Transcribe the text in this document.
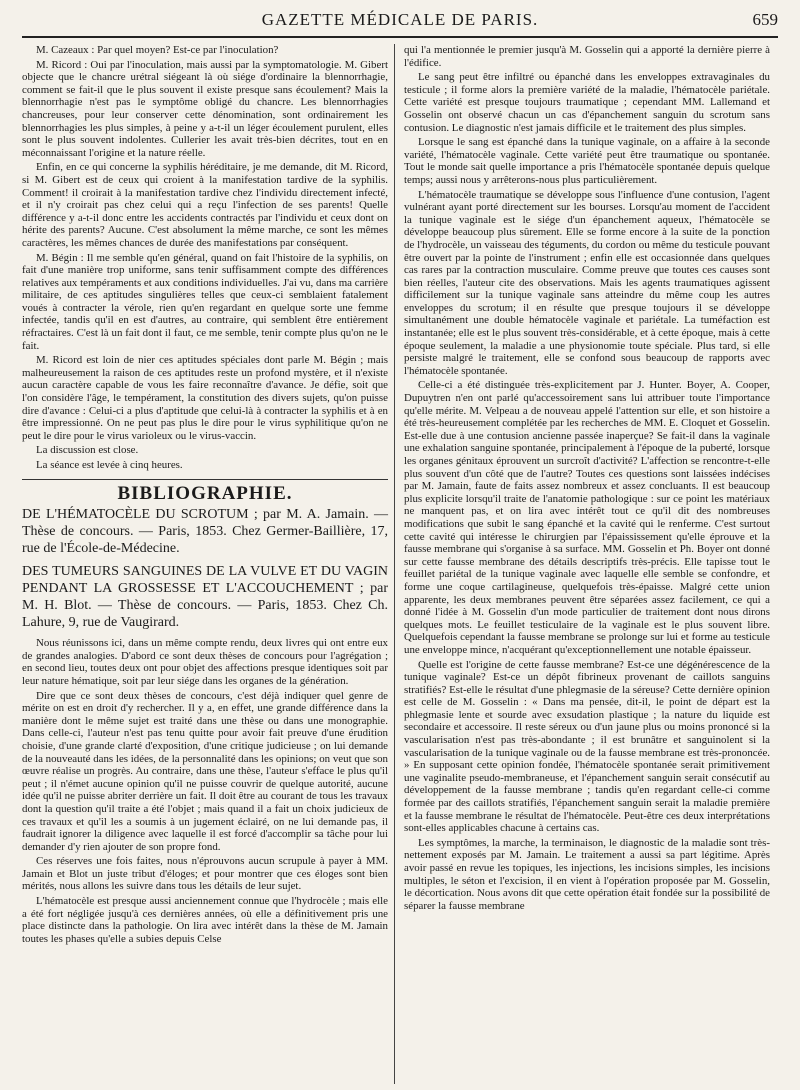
GAZETTE MÉDICALE DE PARIS.	659

M. Cazeaux : Par quel moyen? Est-ce par l'inoculation?

M. Ricord : Oui par l'inoculation, mais aussi par la symptomatologie. M. Gibert objecte que le chancre urétral siégeant là où siége d'ordinaire la blennorrhagie, comment se fait-il que le plus souvent il existe presque sans écoulement? Mais la blennorrhagie n'est pas le symptôme obligé du chancre. Les blennorrhagies chancreuses, pour leur conserver cette dénomination, sont ordinairement les blennorrhagies les plus simples, à peine y a-t-il un léger écoulement purulent, elles sont le plus souvent indolentes. Cullerier les avait très-bien décrites, tout en en méconnaissant l'origine et la nature réelle.

Enfin, en ce qui concerne la syphilis héréditaire, je me demande, dit M. Ricord, si M. Gibert est de ceux qui croient à la manifestation tardive de la syphilis. Comment! il croirait à la manifestation tardive chez l'individu directement infecté, et il n'y croirait pas chez celui qui a reçu l'infection de ses parents! Quelle différence y a-t-il donc entre les accidents contractés par l'individu et ceux dont on hérite des parents? Aucune. C'est absolument la même marche, ce sont les mêmes caractères, les mêmes chances de durée des manifestations par conséquent.

M. Bégin : Il me semble qu'en général, quand on fait l'histoire de la syphilis, on fait d'une manière trop uniforme, sans tenir suffisamment compte des différences relatives aux tempéraments et aux conditions individuelles. J'ai vu, dans ma carrière militaire, de ces aptitudes singulières telles que ceux-ci semblaient fatalement voués à contracter la vérole, rien qu'en regardant en quelque sorte une femme infectée, tandis qu'il en est d'autres, au contraire, qui semblent être entièrement réfractaires. C'est là un fait dont il faut, ce me semble, tenir compte plus qu'on ne le fait.

M. Ricord est loin de nier ces aptitudes spéciales dont parle M. Bégin ; mais malheureusement la raison de ces aptitudes reste un profond mystère, et il n'existe aucun caractère capable de vous les faire reconnaître d'avance. Je défie, soit que l'on considère l'âge, le tempérament, la constitution des divers sujets, qu'on puisse dire d'avance : Celui-ci a plus d'aptitude que celui-là à contracter la syphilis et à en être impressionné. On ne peut pas plus le dire pour le virus syphilitique qu'on ne peut le dire pour le virus varioleux ou le virus-vaccin.

La discussion est close.

La séance est levée à cinq heures.

BIBLIOGRAPHIE.

DE L'HÉMATOCÈLE DU SCROTUM ; par M. A. Jamain. — Thèse de concours. — Paris, 1853. Chez Germer-Baillière, 17, rue de l'École-de-Médecine.

DES TUMEURS SANGUINES DE LA VULVE ET DU VAGIN PENDANT LA GROSSESSE ET L'ACCOUCHEMENT ; par M. H. Blot. — Thèse de concours. — Paris, 1853. Chez Ch. Lahure, 9, rue de Vaugirard.

Nous réunissons ici, dans un même compte rendu, deux livres qui ont entre eux de grandes analogies. D'abord ce sont deux thèses de concours pour l'agrégation ; en second lieu, toutes deux ont pour objet des affections presque identiques soit par leur nature hématique, soit par leur siége dans les organes de la génération.

Dire que ce sont deux thèses de concours, c'est déjà indiquer quel genre de mérite on est en droit d'y rechercher. Il y a, en effet, une grande différence dans la manière dont le même sujet est traité dans une thèse ou dans une monographie. Dans celle-ci, l'auteur n'est pas tenu quitte pour avoir fait preuve d'une érudition choisie, d'une grande clarté d'exposition, d'une critique judicieuse ; on lui demande de la nouveauté dans les idées, de la personnalité dans les opinions; on veut que son œuvre réalise un progrès. Au contraire, dans une thèse, l'auteur s'efface le plus qu'il peut ; il n'émet aucune opinion qu'il ne puisse couvrir de quelque autorité, aucune idée qu'il ne puisse abriter derrière un fait. Il doit être au courant de tous les travaux dont la question qu'il traite a été l'objet ; mais quand il a fait un choix judicieux de ces travaux et qu'il les a soumis à un jugement éclairé, on ne lui demande pas, il faudrait ignorer la diligence avec laquelle il est forcé d'accomplir sa tâche pour lui demander d'y rien ajouter de son propre fond.

Ces réserves une fois faites, nous n'éprouvons aucun scrupule à payer à MM. Jamain et Blot un juste tribut d'éloges; et pour montrer que ces éloges sont bien mérités, nous allons les suivre dans tous les détails de leur sujet.

L'hématocèle est presque aussi anciennement connue que l'hydrocèle ; mais elle a été fort négligée jusqu'à ces dernières années, où elle a définitivement pris une place distincte dans la pathologie. On lira avec intérêt dans la thèse de M. Jamain toutes les phases qu'elle a subies depuis Celse

qui l'a mentionnée le premier jusqu'à M. Gosselin qui a apporté la dernière pierre à l'édifice.

Le sang peut être infiltré ou épanché dans les enveloppes extravaginales du testicule ; il forme alors la première variété de la maladie, l'hématocèle pariétale. Cette variété est presque toujours traumatique ; cependant MM. Lallemand et Gosselin ont observé chacun un cas d'épanchement sanguin du scrotum sans contusion. Le diagnostic n'est jamais difficile et le traitement des plus simples.

Lorsque le sang est épanché dans la tunique vaginale, on a affaire à la seconde variété, l'hématocèle vaginale. Cette variété peut être traumatique ou spontanée. Tout le monde sait quelle importance a pris l'hématocèle spontanée depuis quelque temps; aussi nous y arrêterons-nous plus particulièrement.

L'hématocèle traumatique se développe sous l'influence d'une contusion, l'agent vulnérant ayant porté directement sur les bourses. Lorsqu'au moment de l'accident la tunique vaginale est le siége d'un épanchement aqueux, l'hématocèle se développe beaucoup plus sûrement. Elle se forme encore à la suite de la ponction de l'hydrocèle, un vaisseau des téguments, du cordon ou même du testicule pouvant être ouvert par la pointe de l'instrument ; enfin elle est occasionnée dans quelques cas rares par la contraction musculaire. Comme preuve que toutes ces causes sont bien réelles, l'auteur cite des observations. Mais les agents traumatiques agissent difficilement sur la tunique vaginale sans atteindre du même coup les autres enveloppes du scrotum; il en résulte que presque toujours il se développe simultanément une double hématocèle vaginale et pariétale. La tuméfaction est instantanée; elle est le plus souvent très-considérable, et à cette époque, mais à cette époque seulement, la maladie a une physionomie toute spéciale. Plus tard, si elle persiste malgré le traitement, elle se confond sous beaucoup de rapports avec l'hématocèle spontanée.

Celle-ci a été distinguée très-explicitement par J. Hunter. Boyer, A. Cooper, Dupuytren n'en ont parlé qu'accessoirement sans lui attribuer toute l'importance qu'elle mérite. M. Velpeau a de nouveau appelé l'attention sur elle, et son histoire a été très-heureusement complétée par les recherches de MM. E. Cloquet et Gosselin. Est-elle due à une contusion ancienne passée inaperçue? Se fait-il dans la vaginale une exhalation sanguine spontanée, principalement à l'époque de la puberté, lorsque les organes génitaux éprouvent un surcroît d'activité? L'affection se rencontre-t-elle plus souvent d'un côté que de l'autre? Toutes ces questions sont laissées indécises par M. Jamain, faute de faits assez nombreux et assez concluants. Il est beaucoup plus explicite lorsqu'il traite de l'anatomie pathologique : sur ce point les matériaux ne manquent pas, et on lira avec intérêt tout ce qu'il dit des nombreuses modifications que subit le sang épanché et la cavité qui le renferme. C'est surtout cette cavité qui intéresse le chirurgien par l'épaississement qu'elle éprouve et la fausse membrane qui s'organise à sa surface. MM. Gosselin et Ph. Boyer ont donné sur cette fausse membrane des détails descriptifs très-précis. Elle tapisse tout le feuillet pariétal de la tunique vaginale avec laquelle elle semble se confondre, et forme une coque cartilagineuse, quelquefois très-épaisse. Malgré cette union apparente, les deux membranes peuvent être séparées assez facilement, ce qui a donné l'idée à M. Gosselin d'un mode particulier de traitement dont nous dirons quelques mots. Le feuillet testiculaire de la vaginale est le plus souvent libre. Quelquefois cependant la fausse membrane se prolonge sur lui et forme au testicule une enveloppe mince, n'acquérant qu'exceptionnellement une notable épaisseur.

Quelle est l'origine de cette fausse membrane? Est-ce une dégénérescence de la tunique vaginale? Est-ce un dépôt fibrineux provenant de caillots sanguins stratifiés? Est-elle le résultat d'une phlegmasie de la séreuse? Cette dernière opinion est celle de M. Gosselin : « Dans ma pensée, dit-il, le point de départ est la phlegmasie lente et sourde avec exsudation plastique ; la nature du liquide est secondaire et accessoire. Il reste séreux ou d'un jaune plus ou moins prononcé si la vascularisation n'est pas très-abondante ; il est brunâtre et sanguinolent si la vascularisation de la tunique vaginale ou de la fausse membrane est très-prononcée. » En supposant cette opinion fondée, l'hématocèle spontanée serait primitivement une vaginalite pseudo-membraneuse, et l'épanchement sanguin serait consécutif au développement de la fausse membrane ; tandis qu'en regardant celle-ci comme formée par des caillots stratifiés, l'épanchement sanguin serait la maladie première et la fausse membrane le résultat de l'hématocèle. Peut-être ces deux interprétations sont-elles applicables chacune à certains cas.

Les symptômes, la marche, la terminaison, le diagnostic de la maladie sont très-nettement exposés par M. Jamain. Le traitement a aussi sa part légitime. Après avoir passé en revue les topiques, les injections, les incisions simples, les incisions multiples, le séton et l'excision, il en vient à l'opération proposée par M. Gosselin, le décortication. Nous avons dit que cette opération était fondée sur la possibilité de séparer la fausse membrane
